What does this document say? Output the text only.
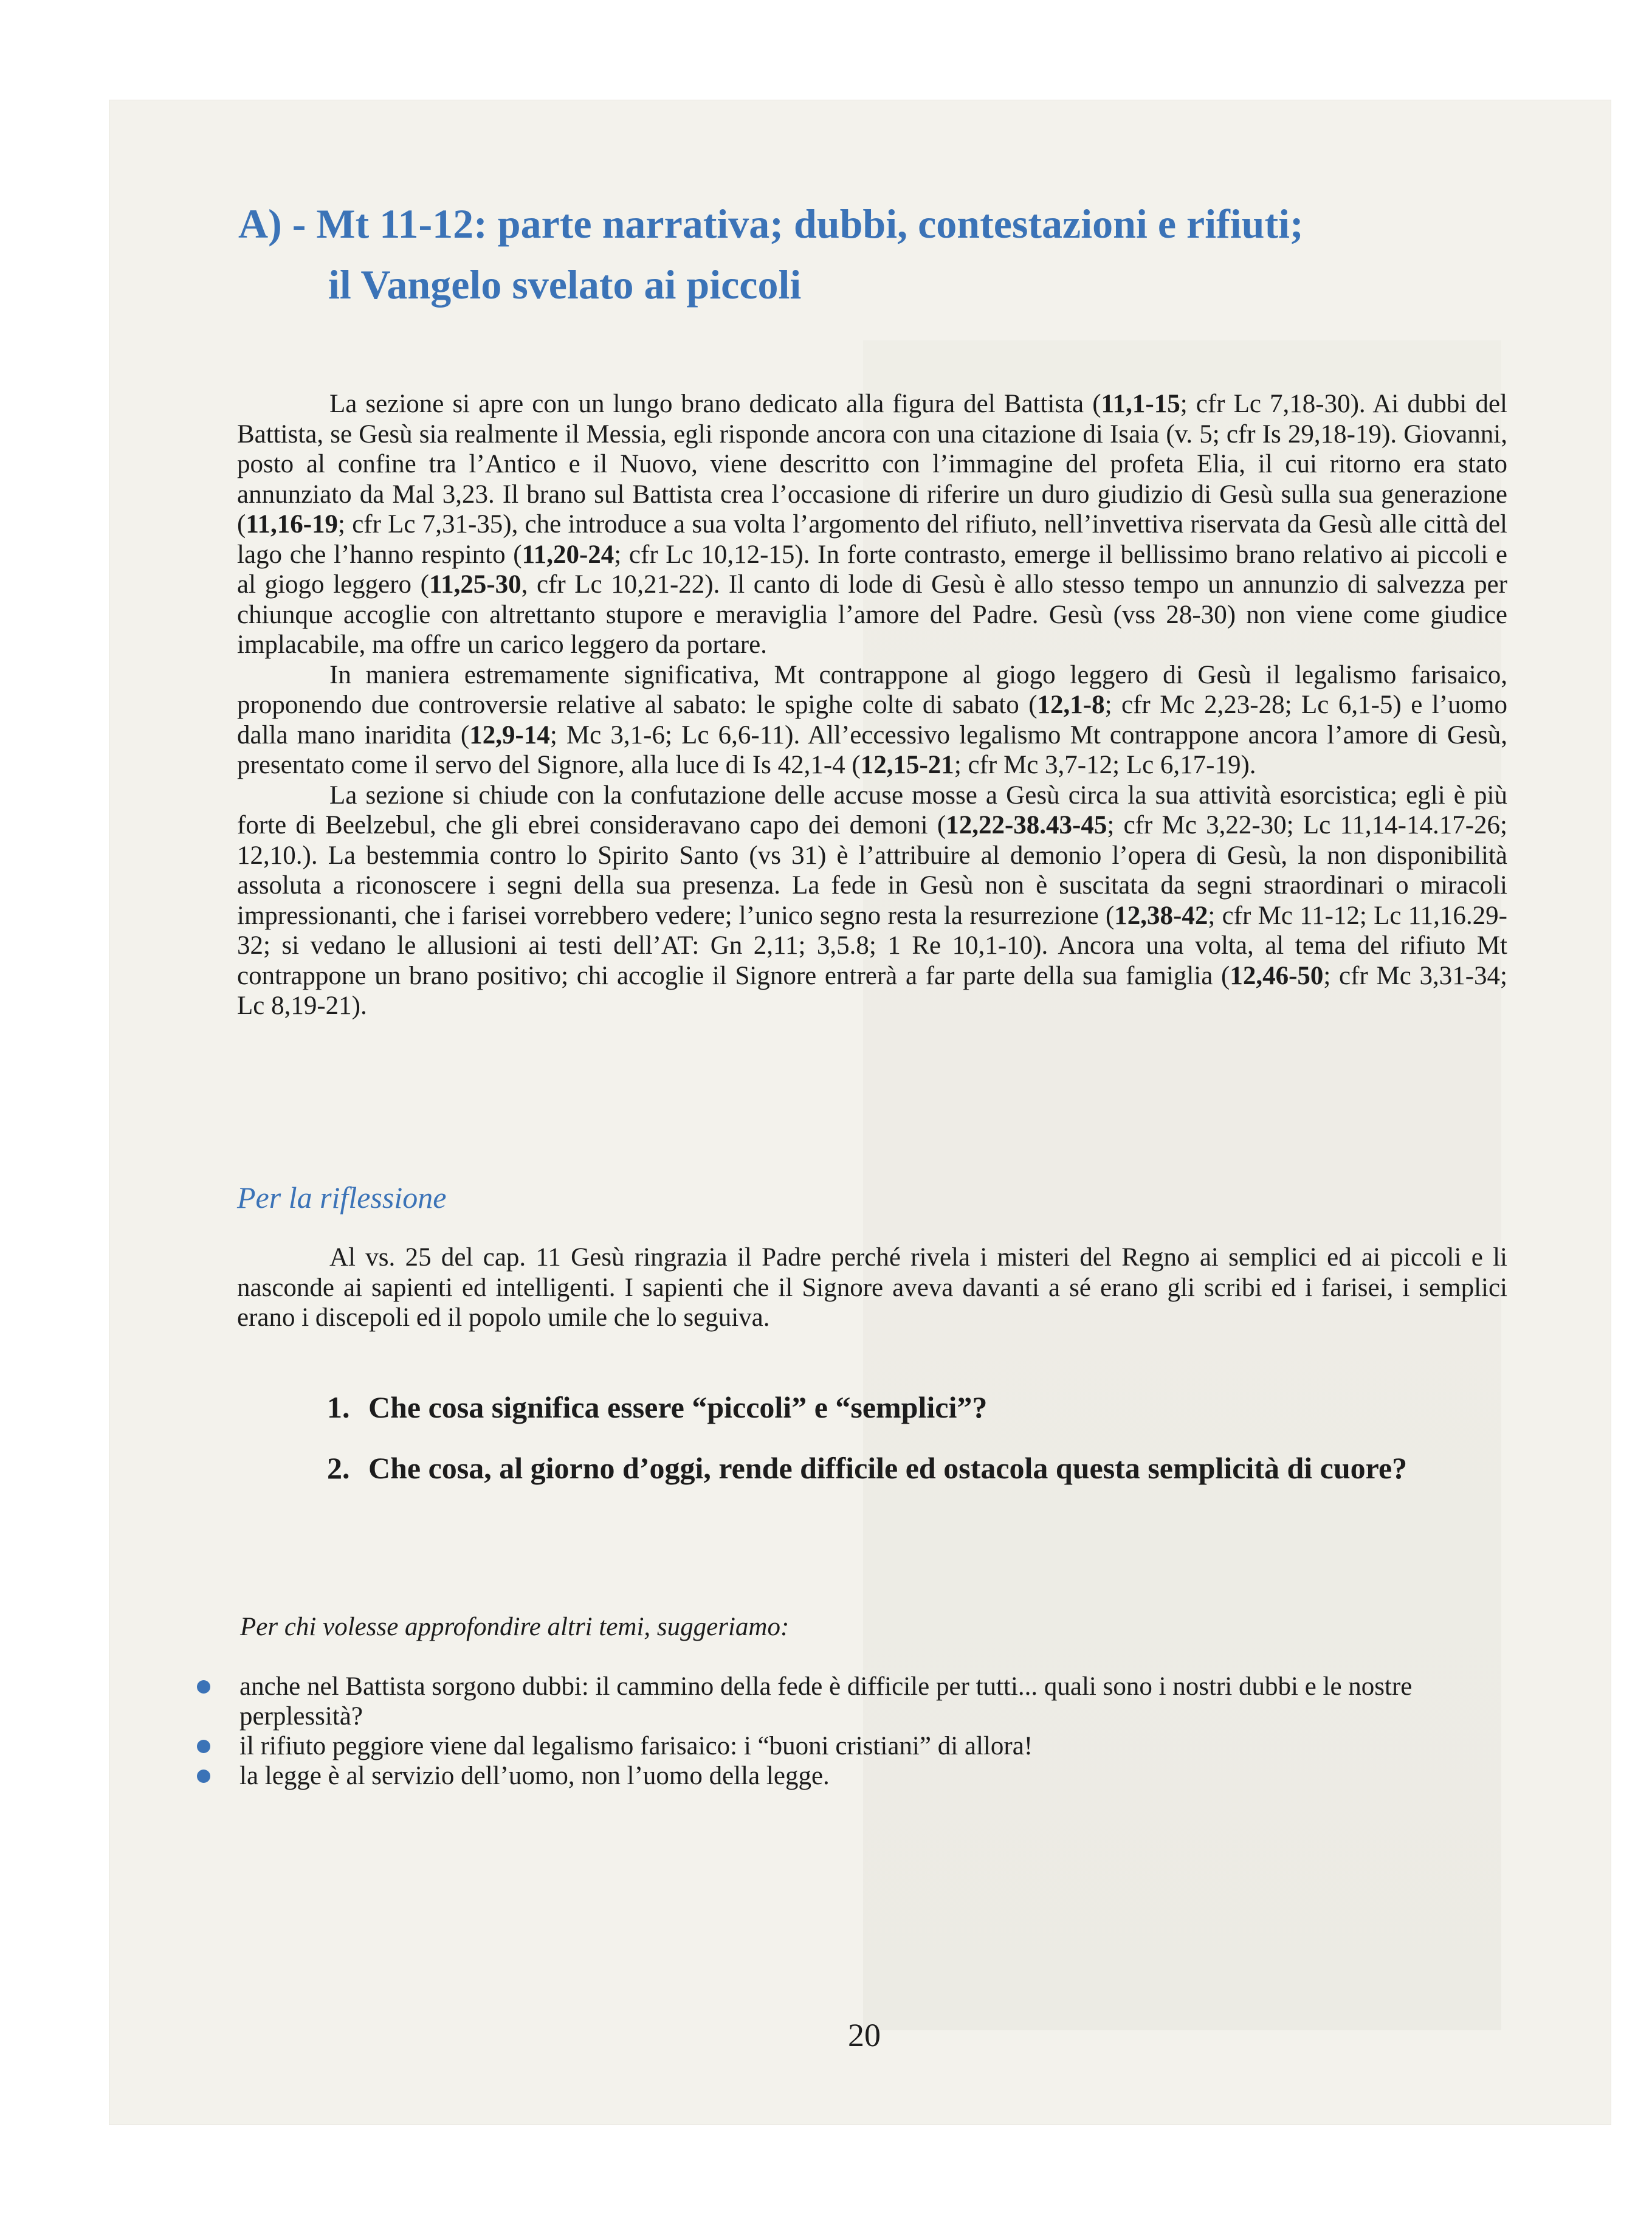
A) - Mt 11-12: parte narrativa; dubbi, contestazioni e rifiuti;
il Vangelo svelato ai piccoli

La sezione si apre con un lungo brano dedicato alla figura del Battista (11,1-15; cfr Lc 7,18-30). Ai dubbi del Battista, se Gesù sia realmente il Messia, egli risponde ancora con una citazione di Isaia (v. 5; cfr Is 29,18-19). Giovanni, posto al confine tra l’Antico e il Nuovo, viene descritto con l’immagine del profeta Elia, il cui ritorno era stato annunziato da Mal 3,23. Il brano sul Battista crea l’occasione di riferire un duro giudizio di Gesù sulla sua generazione (11,16-19; cfr Lc 7,31-35), che introduce a sua volta l’argomento del rifiuto, nell’invettiva riservata da Gesù alle città del lago che l’hanno respinto (11,20-24; cfr Lc 10,12-15). In forte contrasto, emerge il bellissimo brano relativo ai piccoli e al giogo leggero (11,25-30, cfr Lc 10,21-22). Il canto di lode di Gesù è allo stesso tempo un annunzio di salvezza per chiunque accoglie con altrettanto stupore e meraviglia l’amore del Padre. Gesù (vss 28-30) non viene come giudice implacabile, ma offre un carico leggero da portare.

In maniera estremamente significativa, Mt contrappone al giogo leggero di Gesù il legalismo farisaico, proponendo due controversie relative al sabato: le spighe colte di sabato (12,1-8; cfr Mc 2,23-28; Lc 6,1-5) e l’uomo dalla mano inaridita (12,9-14; Mc 3,1-6; Lc 6,6-11). All’eccessivo legalismo Mt contrappone ancora l’amore di Gesù, presentato come il servo del Signore, alla luce di Is 42,1-4 (12,15-21; cfr Mc 3,7-12; Lc 6,17-19).

La sezione si chiude con la confutazione delle accuse mosse a Gesù circa la sua attività esorcistica; egli è più forte di Beelzebul, che gli ebrei consideravano capo dei demoni (12,22-38.43-45; cfr Mc 3,22-30; Lc 11,14-14.17-26; 12,10.). La bestemmia contro lo Spirito Santo (vs 31) è l’attribuire al demonio l’opera di Gesù, la non disponibilità assoluta a riconoscere i segni della sua presenza. La fede in Gesù non è suscitata da segni straordinari o miracoli impressionanti, che i farisei vorrebbero vedere; l’unico segno resta la resurrezione (12,38-42; cfr Mc 11-12; Lc 11,16.29-32; si vedano le allusioni ai testi dell’AT: Gn 2,11; 3,5.8; 1 Re 10,1-10). Ancora una volta, al tema del rifiuto Mt contrappone un brano positivo; chi accoglie il Signore entrerà a far parte della sua famiglia (12,46-50; cfr Mc 3,31-34; Lc 8,19-21).

Per la riflessione

Al vs. 25 del cap. 11 Gesù ringrazia il Padre perché rivela i misteri del Regno ai semplici ed ai piccoli e li nasconde ai sapienti ed intelligenti. I sapienti che il Signore aveva davanti a sé erano gli scribi ed i farisei, i semplici erano i discepoli ed il popolo umile che lo seguiva.

1. Che cosa significa essere “piccoli” e “semplici”?
2. Che cosa, al giorno d’oggi, rende difficile ed ostacola questa semplicità di cuore?

Per chi volesse approfondire altri temi, suggeriamo:

anche nel Battista sorgono dubbi: il cammino della fede è difficile per tutti... quali sono i nostri dubbi e le nostre perplessità?
il rifiuto peggiore viene dal legalismo farisaico: i “buoni cristiani” di allora!
la legge è al servizio dell’uomo, non l’uomo della legge.

20
